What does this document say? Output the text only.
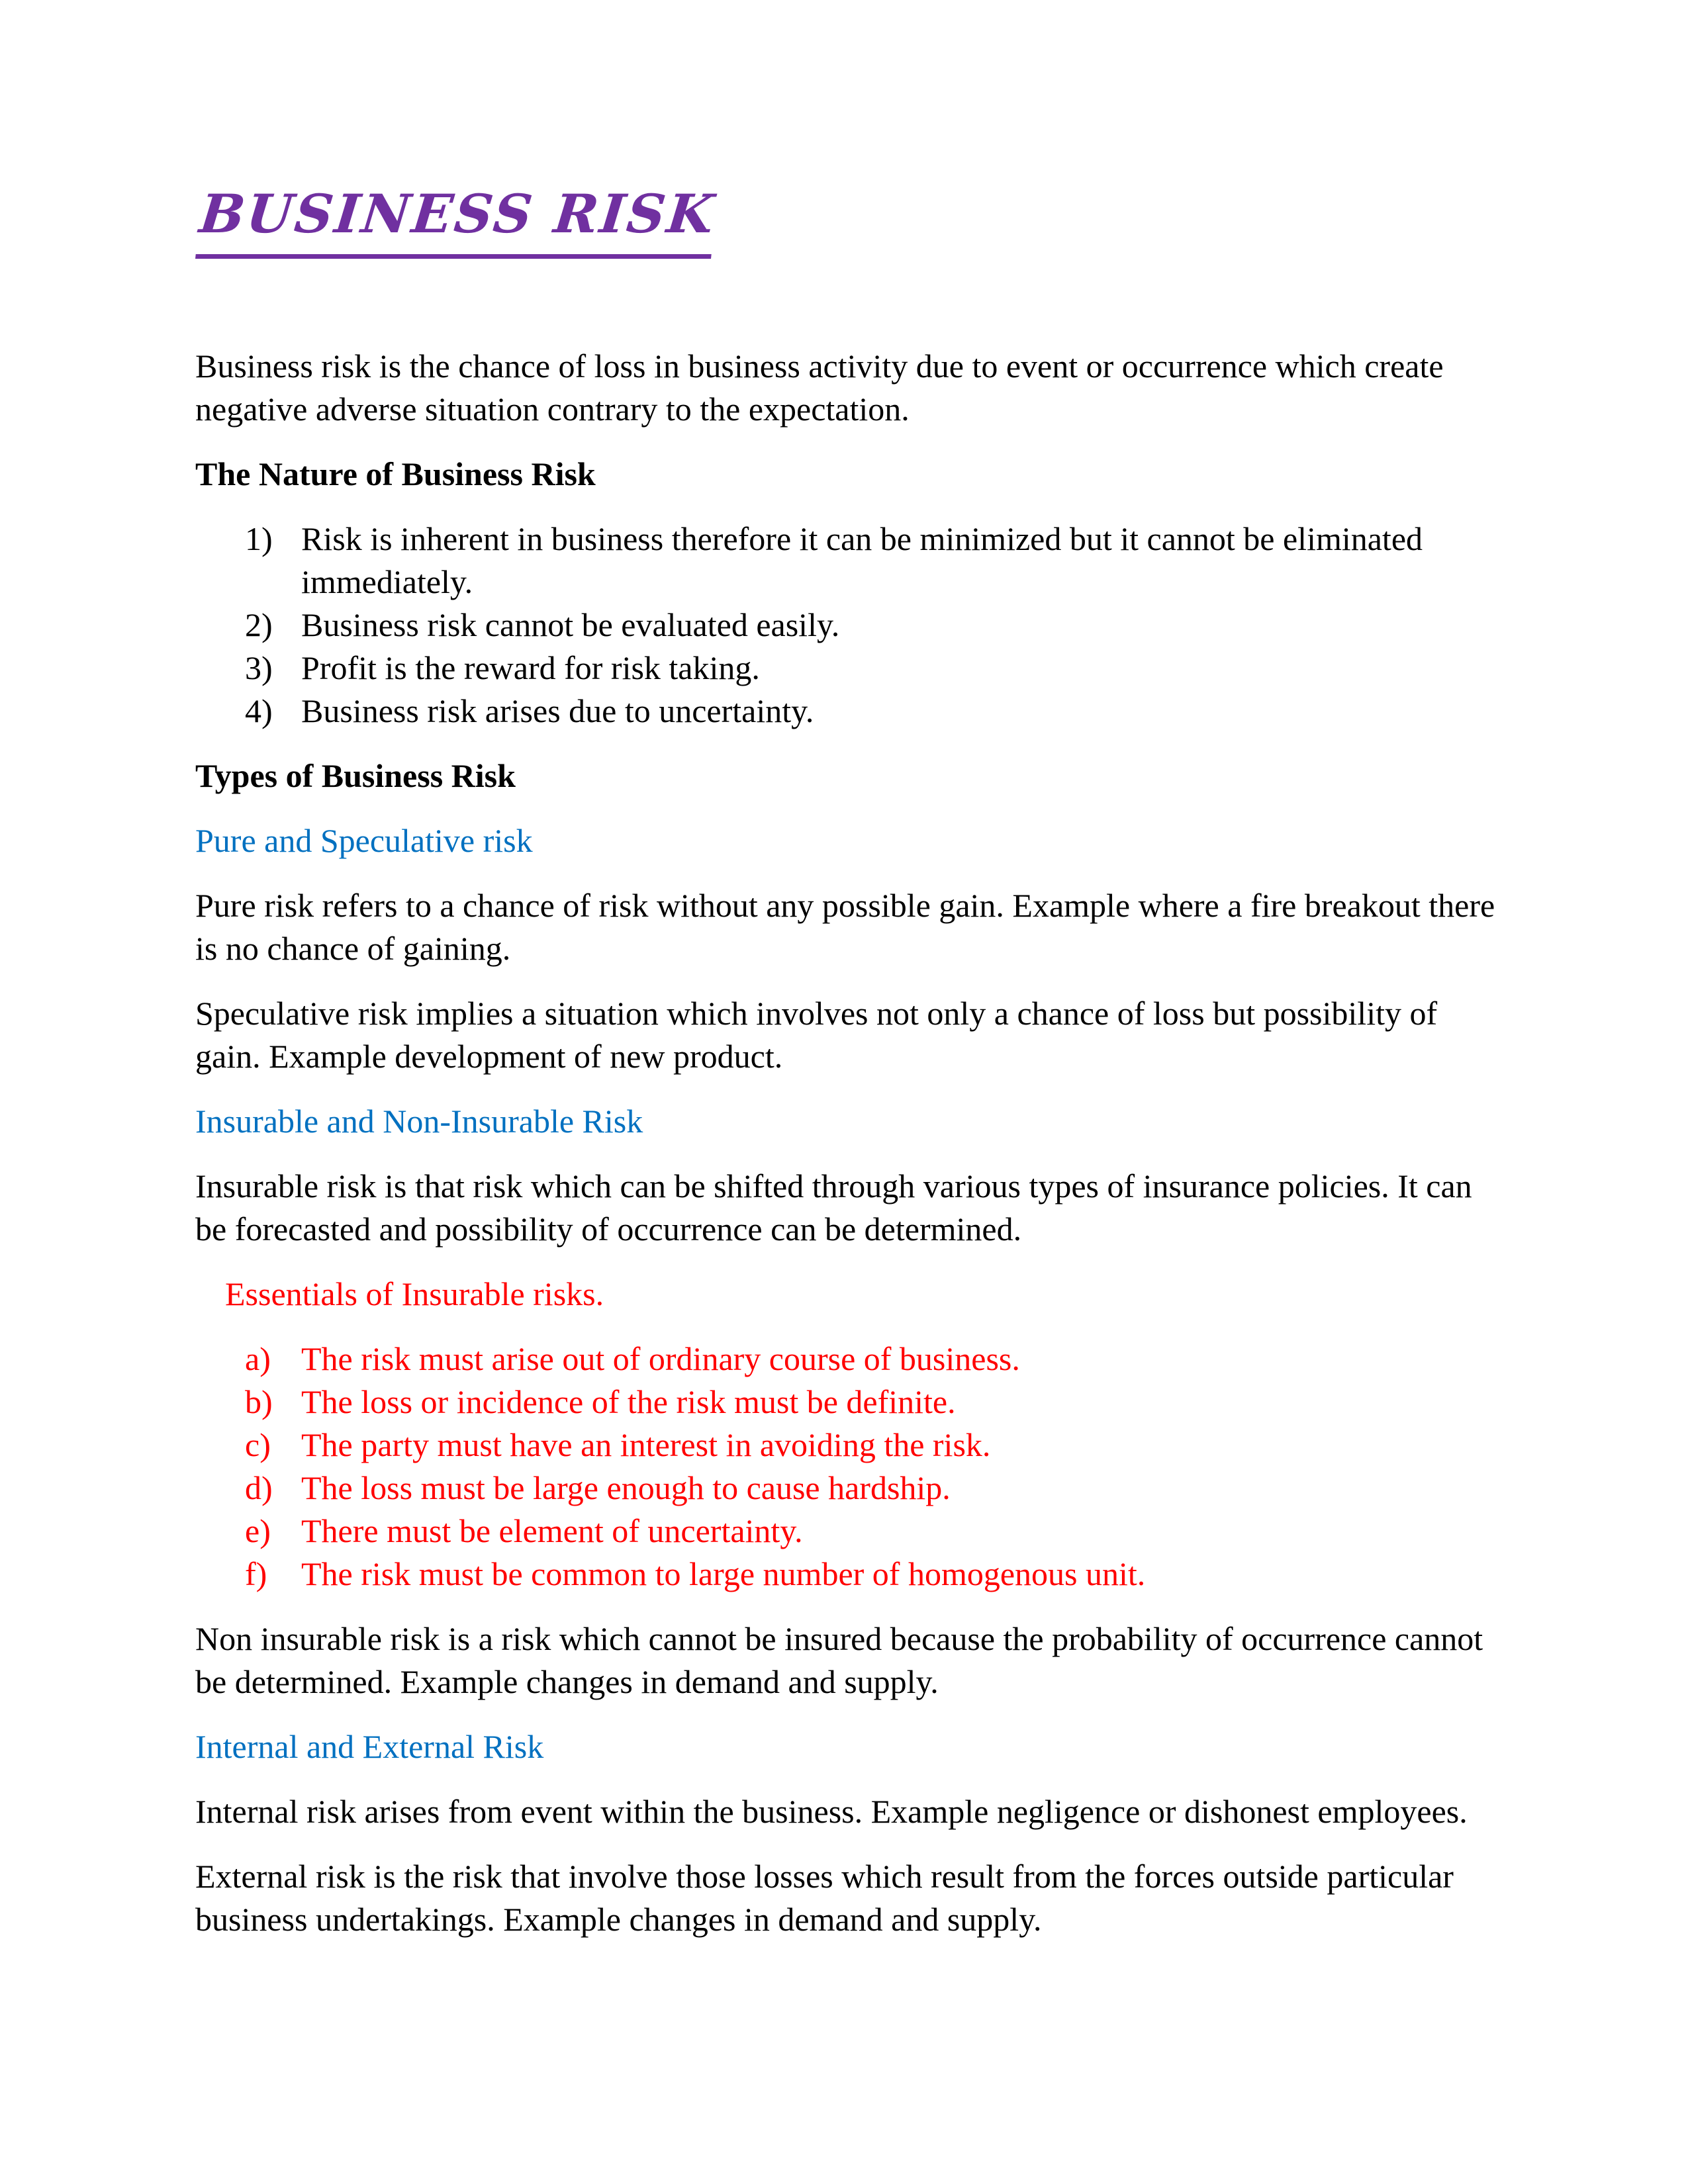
BUSINESS RISK

Business risk is the chance of loss in business activity due to event or occurrence which create negative adverse situation contrary to the expectation.

The Nature of Business Risk
1) Risk is inherent in business therefore it can be minimized but it cannot be eliminated immediately.
2) Business risk cannot be evaluated easily.
3) Profit is the reward for risk taking.
4) Business risk arises due to uncertainty.
Types of Business Risk
Pure and Speculative risk

Pure risk refers to a chance of risk without any possible gain. Example where a fire breakout there is no chance of gaining.

Speculative risk implies a situation which involves not only a chance of loss but possibility of gain. Example development of new product.

Insurable and Non-Insurable Risk

Insurable risk is that risk which can be shifted through various types of insurance policies. It can be forecasted and possibility of occurrence can be determined.

Essentials of Insurable risks.
a) The risk must arise out of ordinary course of business.
b) The loss or incidence of the risk must be definite.
c) The party must have an interest in avoiding the risk.
d) The loss must be large enough to cause hardship.
e) There must be element of uncertainty.
f)	The risk must be common to large number of homogenous unit.

Non insurable risk is a risk which cannot be insured because the probability of occurrence cannot be determined. Example changes in demand and supply.

Internal and External Risk

Internal risk arises from event within the business. Example negligence or dishonest employees.

External risk is the risk that involve those losses which result from the forces outside particular business undertakings. Example changes in demand and supply.
